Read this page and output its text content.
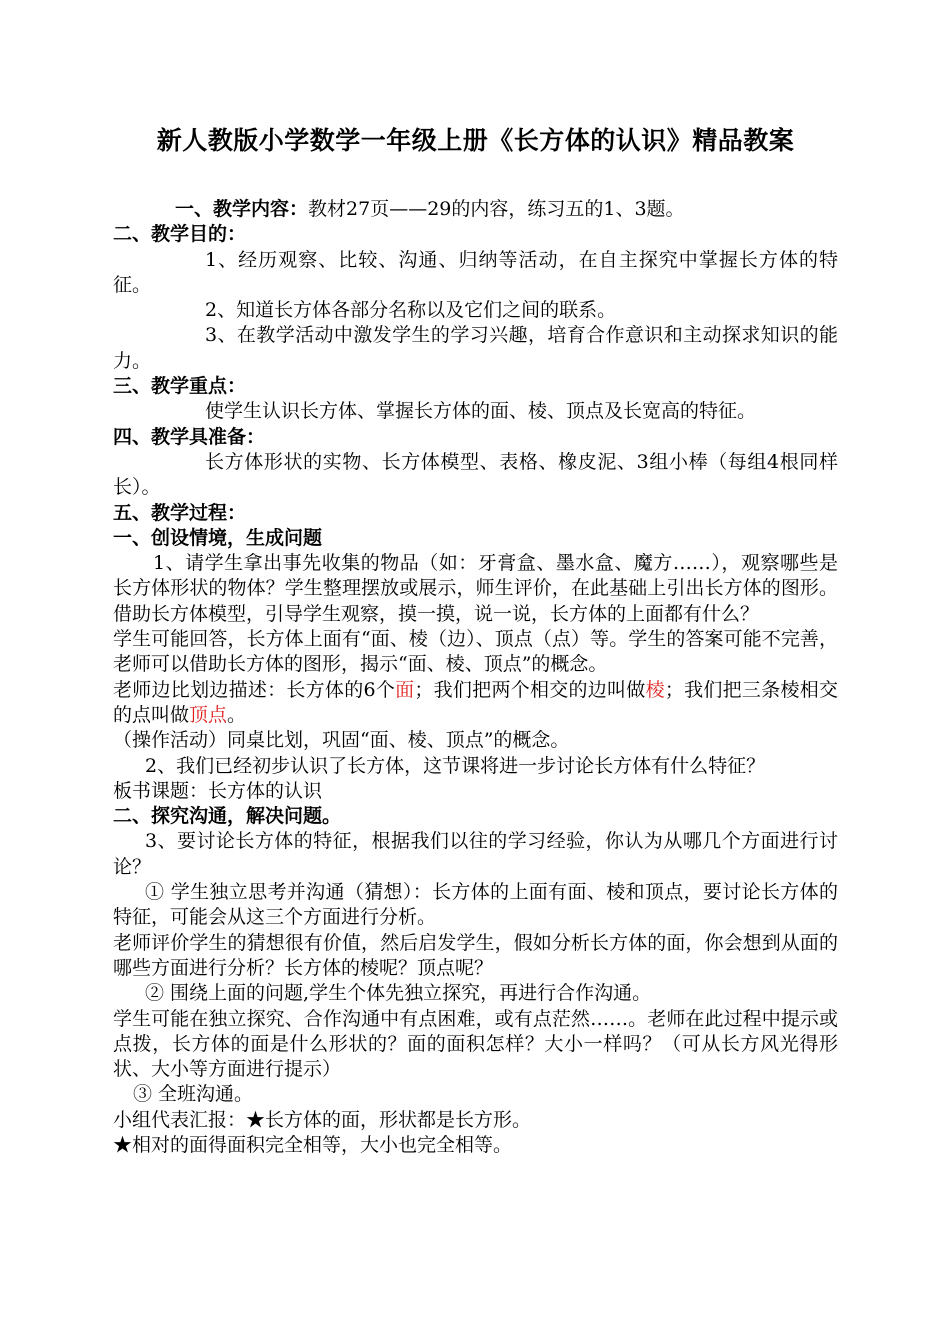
新人教版小学数学一年级上册《长方体的认识》精品教案

一、教学内容：教材27页——29的内容，练习五的1、3题。

二、教学目的：

1、经历观察、比较、沟通、归纳等活动，在自主探究中掌握长方体的特征。

2、知道长方体各部分名称以及它们之间的联系。

3、在教学活动中激发学生的学习兴趣，培育合作意识和主动探求知识的能力。

三、教学重点：

使学生认识长方体、掌握长方体的面、棱、顶点及长宽高的特征。

四、教学具准备：

长方体形状的实物、长方体模型、表格、橡皮泥、3组小棒（每组4根同样长）。

五、教学过程：

一、创设情境，生成问题

1、请学生拿出事先收集的物品（如：牙膏盒、墨水盒、魔方……），观察哪些是长方体形状的物体？学生整理摆放或展示，师生评价，在此基础上引出长方体的图形。借助长方体模型，引导学生观察，摸一摸，说一说，长方体的上面都有什么？

学生可能回答，长方体上面有“面、棱（边）、顶点（点）等。学生的答案可能不完善，老师可以借助长方体的图形，揭示“面、棱、顶点”的概念。

老师边比划边描述：长方体的6个面；我们把两个相交的边叫做棱；我们把三条棱相交的点叫做顶点。

（操作活动）同桌比划，巩固“面、棱、顶点”的概念。

2、我们已经初步认识了长方体，这节课将进一步讨论长方体有什么特征？

板书课题：长方体的认识

二、探究沟通，解决问题。

3、要讨论长方体的特征，根据我们以往的学习经验，你认为从哪几个方面进行讨论？

① 学生独立思考并沟通（猜想）：长方体的上面有面、棱和顶点，要讨论长方体的特征，可能会从这三个方面进行分析。

老师评价学生的猜想很有价值，然后启发学生，假如分析长方体的面，你会想到从面的哪些方面进行分析？长方体的棱呢？顶点呢？

② 围绕上面的问题,学生个体先独立探究，再进行合作沟通。

学生可能在独立探究、合作沟通中有点困难，或有点茫然……。老师在此过程中提示或点拨，长方体的面是什么形状的？面的面积怎样？大小一样吗？（可从长方风光得形状、大小等方面进行提示）

③ 全班沟通。

小组代表汇报：★长方体的面，形状都是长方形。

★相对的面得面积完全相等，大小也完全相等。
